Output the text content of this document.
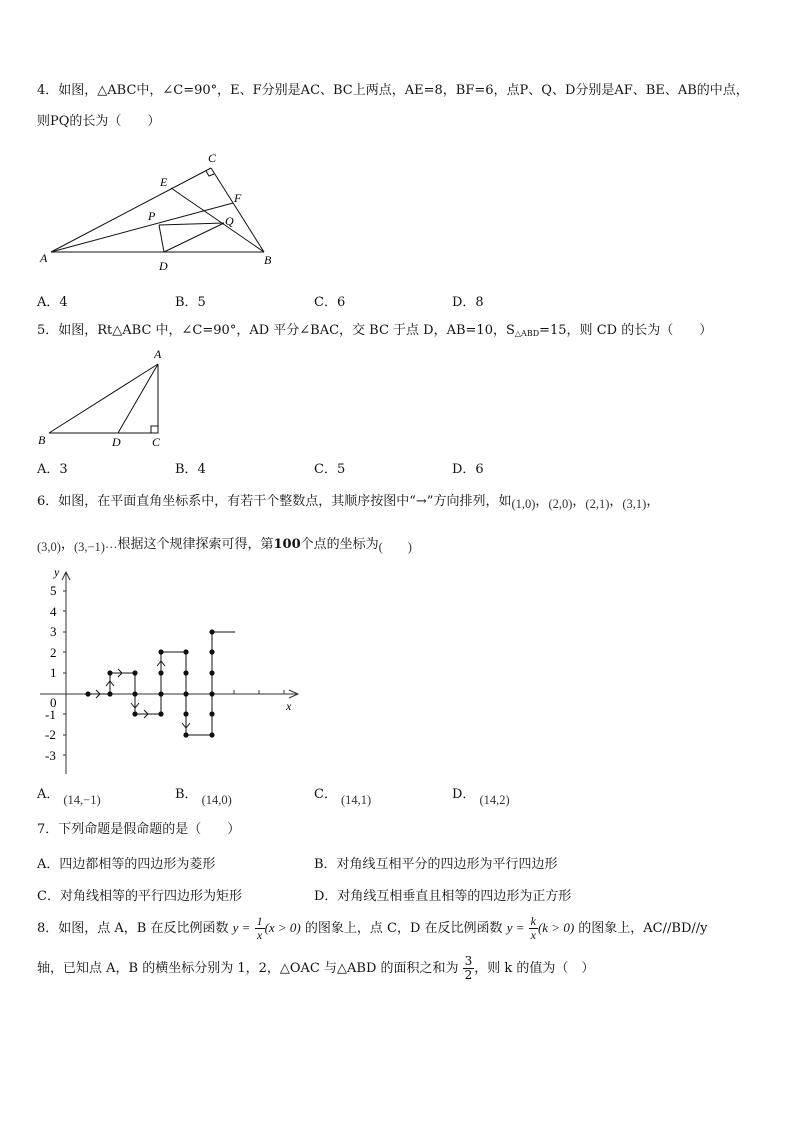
4．如图，△ABC中，∠C=90°，E、F分别是AC、BC上两点，AE=8，BF=6，点P、Q、D分别是AF、BE、AB的中点，
则PQ的长为（　　）
A	B
C
D
E
F
P	Q
A．4	B．5	C．6	D．8
5．如图，Rt△ABC 中，∠C=90°，AD 平分∠BAC，交 BC 于点 D，AB=10，$S_{\triangle ABD}=15$，则 CD 的长为（　　）
A
B	C
D
A．3	B．4	C．5	D．6
6．如图，在平面直角坐标系中，有若干个整数点，其顺序按图中“→”方向排列，如(1,0)，(2,0)，(2,1)，(3,1)，
(3,0)，(3,−1)…根据这个规律探索可得，第100个点的坐标为(　　)
y
x
0
5
4
3
2
1
-1
-2
-3
A． (14,−1)	B． (14,0)	C． (14,1)	D． (14,2)
7．下列命题是假命题的是（　　）
A．四边都相等的四边形为菱形	B．对角线互相平分的四边形为平行四边形
C．对角线相等的平行四边形为矩形	D．对角线互相垂直且相等的四边形为正方形
8．如图，点 A，B 在反比例函数 $y = \frac{1}{x} (x > 0)$ 的图象上，点 C，D 在反比例函数 $y = \frac{k}{x} (k > 0)$ 的图象上，AC//BD//y
轴，已知点 A，B 的横坐标分别为 1，2，△OAC 与△ABD 的面积之和为 $\frac{3}{2}$ ，则 k 的值为（　）
